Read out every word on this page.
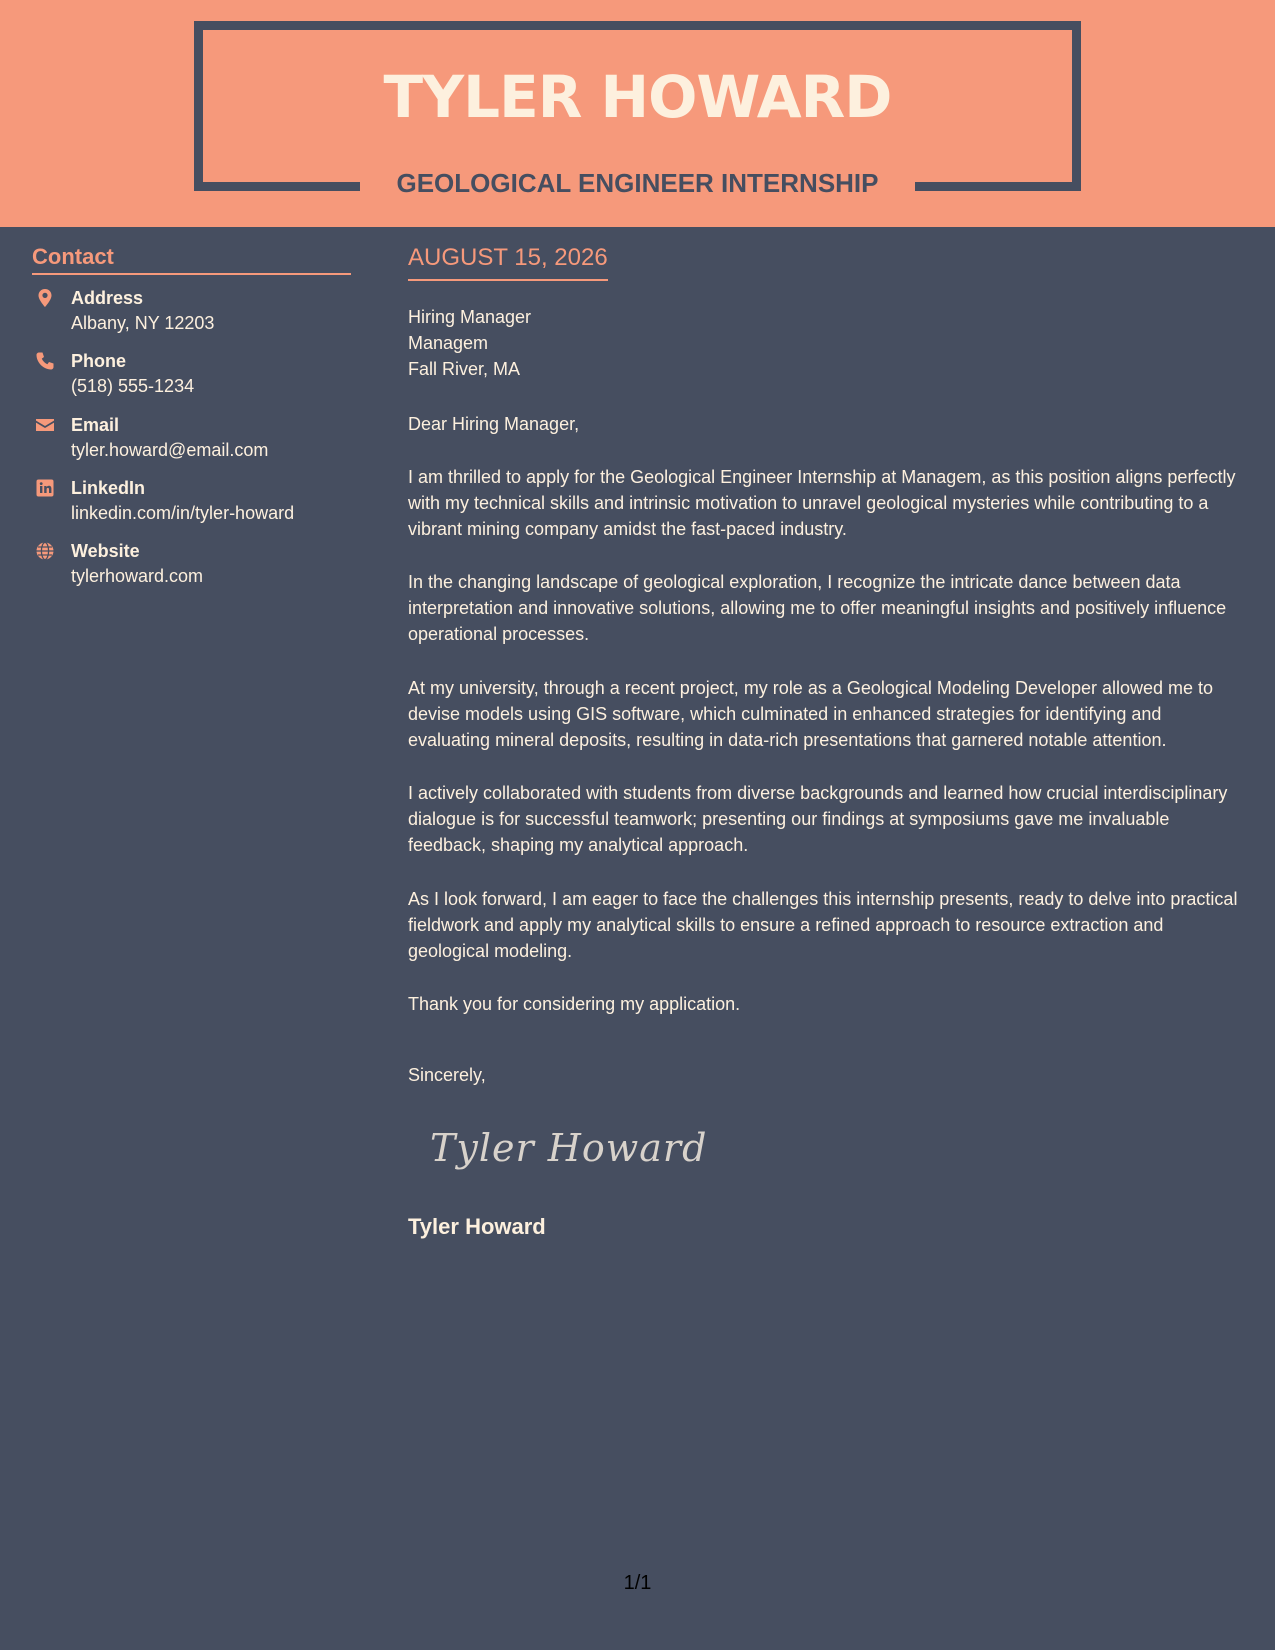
TYLER HOWARD
GEOLOGICAL ENGINEER INTERNSHIP
Contact
Address
Albany, NY 12203
Phone
(518) 555-1234
Email
tyler.howard@email.com
LinkedIn
linkedin.com/in/tyler-howard
Website
tylerhoward.com
AUGUST 15, 2026
Hiring Manager
Managem
Fall River, MA

Dear Hiring Manager,

I am thrilled to apply for the Geological Engineer Internship at Managem, as this position aligns perfectly with my technical skills and intrinsic motivation to unravel geological mysteries while contributing to a vibrant mining company amidst the fast-paced industry.

In the changing landscape of geological exploration, I recognize the intricate dance between data interpretation and innovative solutions, allowing me to offer meaningful insights and positively influence operational processes.

At my university, through a recent project, my role as a Geological Modeling Developer allowed me to devise models using GIS software, which culminated in enhanced strategies for identifying and evaluating mineral deposits, resulting in data-rich presentations that garnered notable attention.

I actively collaborated with students from diverse backgrounds and learned how crucial interdisciplinary dialogue is for successful teamwork; presenting our findings at symposiums gave me invaluable feedback, shaping my analytical approach.

As I look forward, I am eager to face the challenges this internship presents, ready to delve into practical fieldwork and apply my analytical skills to ensure a refined approach to resource extraction and geological modeling.

Thank you for considering my application.

Sincerely,

Tyler Howard
Tyler Howard
1/1
